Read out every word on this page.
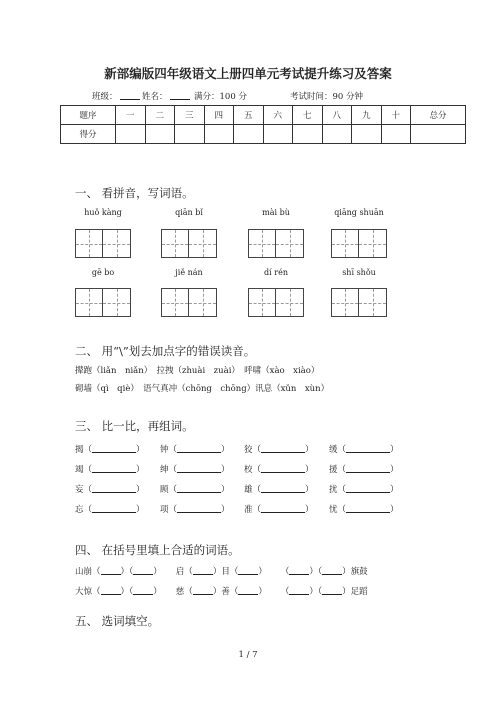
新部编版四年级语文上册四单元考试提升练习及答案
班级：	姓名：	满分：100 分	考试时间：90 分钟
题序	一	二	三	四	五	六	七	八	九	十	总分
得分											
一、 看拼音，写词语。
huǒ kàng	qiān bǐ	mài bù	qiāng shuān
gē bo	jiě nán	dí rén	shī shǒu
二、 用“\”划去加点字的错误读音。
撵跑（liǎn　niǎn）　拉拽（zhuài　zuài）　呼啸（xào　xiào）
砌墙（qì　qiè）　语气真冲（chōng　chōng）讯息（xǔn　xùn）
三、 比一比，再组词。
揭（	） 钟（	） 狡（	） 缓（	）
竭（	） 绅（	） 校（	） 援（	）
妄（	） 顾（	） 雄（	） 扰（	）
忘（	） 项（	） 准（	） 忧（	）
四、 在括号里填上合适的词语。
山崩（ ）（ ） 启（ ）目（ ） （ ）（ ）旗鼓
大惊（ ）（ ） 慈（ ）善（ ） （ ）（ ）足蹈
五、 选词填空。
1 / 7
